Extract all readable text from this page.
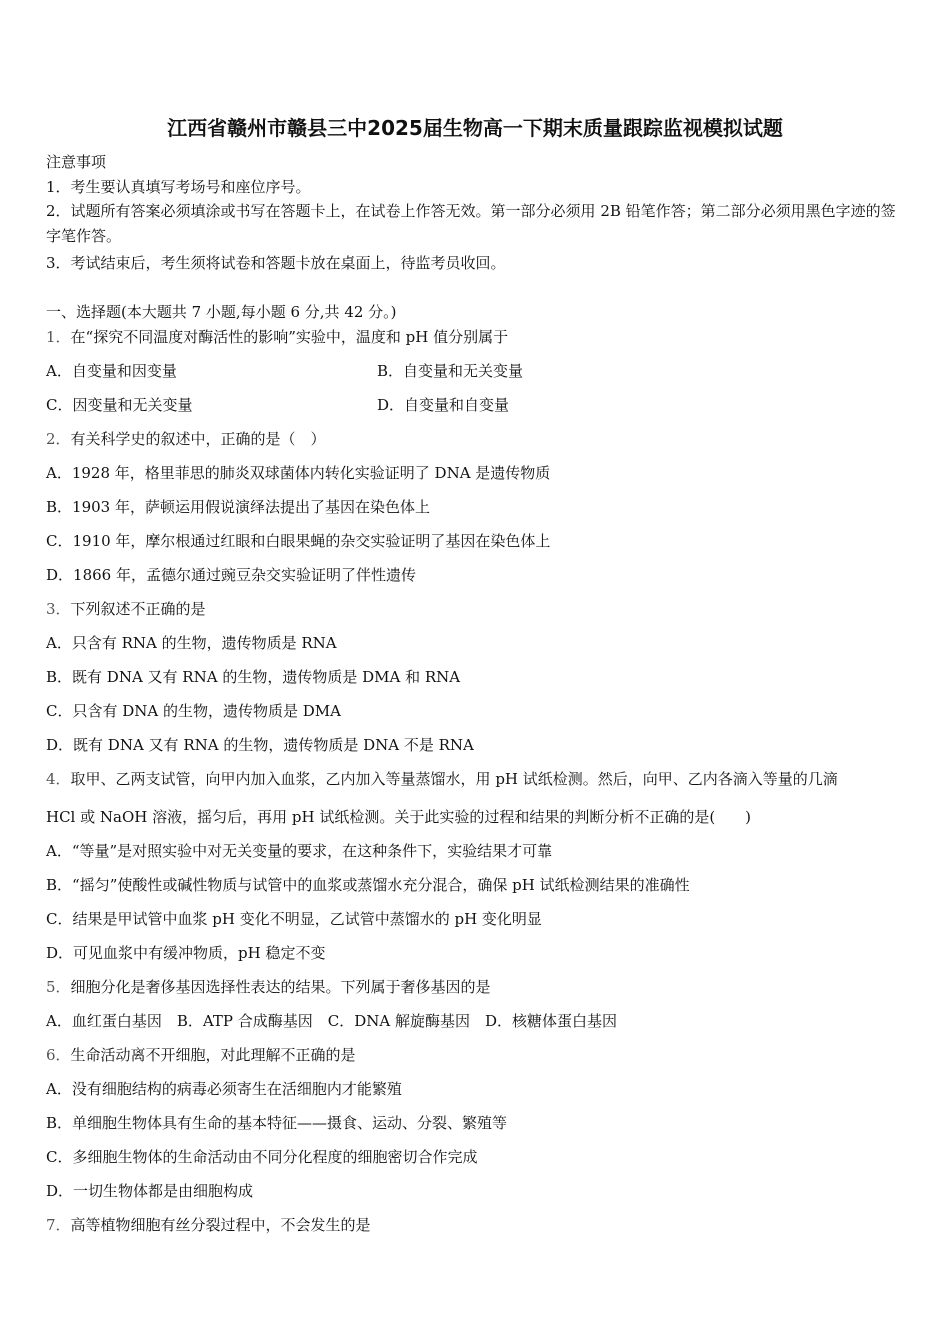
江西省赣州市赣县三中2025届生物高一下期末质量跟踪监视模拟试题
注意事项
1．考生要认真填写考场号和座位序号。
2．试题所有答案必须填涂或书写在答题卡上，在试卷上作答无效。第一部分必须用 2B 铅笔作答；第二部分必须用黑色字迹的签字笔作答。
3．考试结束后，考生须将试卷和答题卡放在桌面上，待监考员收回。
一、选择题(本大题共 7 小题,每小题 6 分,共 42 分。)
1．在“探究不同温度对酶活性的影响”实验中，温度和 pH 值分别属于
A．自变量和因变量	B．自变量和无关变量
C．因变量和无关变量	D．自变量和自变量
2．有关科学史的叙述中，正确的是（　）
A．1928 年，格里菲思的肺炎双球菌体内转化实验证明了 DNA 是遗传物质
B．1903 年，萨顿运用假说演绎法提出了基因在染色体上
C．1910 年，摩尔根通过红眼和白眼果蝇的杂交实验证明了基因在染色体上
D．1866 年，孟德尔通过豌豆杂交实验证明了伴性遗传
3．下列叙述不正确的是
A．只含有 RNA 的生物，遗传物质是 RNA
B．既有 DNA 又有 RNA 的生物，遗传物质是 DMA 和 RNA
C．只含有 DNA 的生物，遗传物质是 DMA
D．既有 DNA 又有 RNA 的生物，遗传物质是 DNA 不是 RNA
4．取甲、乙两支试管，向甲内加入血浆，乙内加入等量蒸馏水，用 pH 试纸检测。然后，向甲、乙内各滴入等量的几滴
HCl 或 NaOH 溶液，摇匀后，再用 pH 试纸检测。关于此实验的过程和结果的判断分析不正确的是(　　)
A．“等量”是对照实验中对无关变量的要求，在这种条件下，实验结果才可靠
B．“摇匀”使酸性或碱性物质与试管中的血浆或蒸馏水充分混合，确保 pH 试纸检测结果的准确性
C．结果是甲试管中血浆 pH 变化不明显，乙试管中蒸馏水的 pH 变化明显
D．可见血浆中有缓冲物质，pH 稳定不变
5．细胞分化是奢侈基因选择性表达的结果。下列属于奢侈基因的是
A．血红蛋白基因　B．ATP 合成酶基因　C．DNA 解旋酶基因　D．核糖体蛋白基因
6．生命活动离不开细胞，对此理解不正确的是
A．没有细胞结构的病毒必须寄生在活细胞内才能繁殖
B．单细胞生物体具有生命的基本特征——摄食、运动、分裂、繁殖等
C．多细胞生物体的生命活动由不同分化程度的细胞密切合作完成
D．一切生物体都是由细胞构成
7．高等植物细胞有丝分裂过程中，不会发生的是
